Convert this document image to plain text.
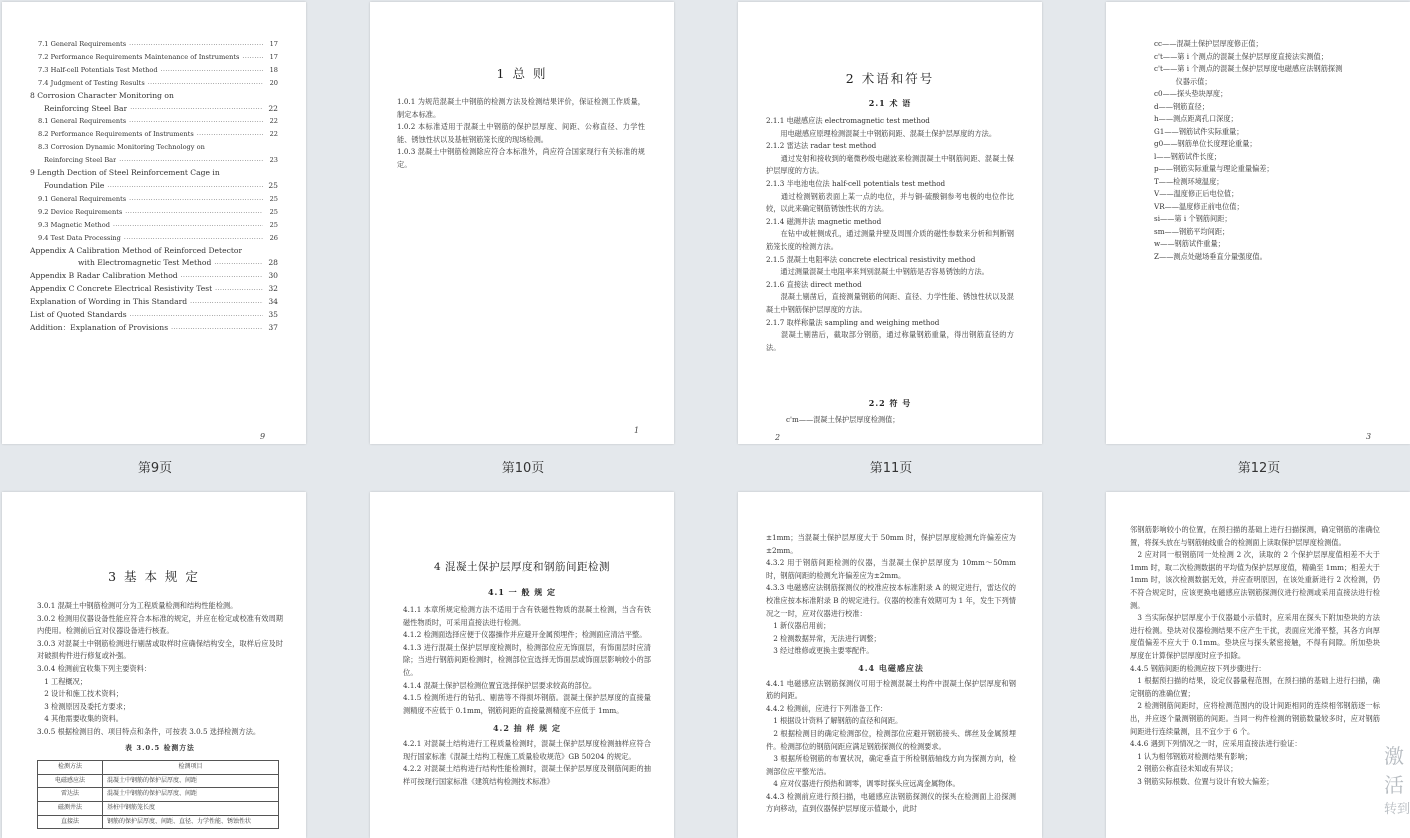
7.1 General Requirements ·····	17
7.2 Performance Requirements Maintenance of Instruments ·····	17
7.3 Half-cell Potentials Test Method ·····	18
7.4 Judgment of Testing Results ·····	20
8 Corrosion Character Monitoring on
Reinforcing Steel Bar ·····	22
8.1 General Requirements ·····	22
8.2 Performance Requirements of Instruments ·····	22
8.3 Corrosion Dynamic Monitoring Technology on
Reinforcing Steel Bar ·····	23
9 Length Dection of Steel Reinforcement Cage in
Foundation Pile ·····	25
9.1 General Requirements ·····	25
9.2 Device Requirements ·····	25
9.3 Magnetic Method ·····	25
9.4 Test Data Processing ·····	26
Appendix A Calibration Method of Reinforced Detector
with Electromagnetic Test Method ·····	28
Appendix B Radar Calibration Method ·····	30
Appendix C Concrete Electrical Resistivity Test ·····	32
Explanation of Wording in This Standard ·····	34
List of Quoted Standards ·····	35
Addition：Explanation of Provisions ·····	37
9
第9页

1 总 则

1.0.1 为规范混凝土中钢筋的检测方法及检测结果评价，保证检测工作质量，制定本标准。

1.0.2 本标准适用于混凝土中钢筋的保护层厚度、间距、公称直径、力学性能、锈蚀性状以及基桩钢筋笼长度的现场检测。

1.0.3 混凝土中钢筋检测除应符合本标准外，尚应符合国家现行有关标准的规定。

1
第10页

2 术语和符号

2.1 术 语

2.1.1 电磁感应法 electromagnetic test method

　　用电磁感应原理检测混凝土中钢筋间距、混凝土保护层厚度的方法。

2.1.2 雷达法 radar test method

　　通过发射和接收到的毫微秒级电磁波来检测混凝土中钢筋间距、混凝土保护层厚度的方法。

2.1.3 半电池电位法 half-cell potentials test method

　　通过检测钢筋表面上某一点的电位，并与铜-硫酸铜参考电极的电位作比较，以此来确定钢筋锈蚀性状的方法。

2.1.4 磁测井法 magnetic method

　　在钻中或桩侧成孔，通过测量井壁及周围介质的磁性参数来分析和判断钢筋笼长度的检测方法。

2.1.5 混凝土电阻率法 concrete electrical resistivity method

　　通过测量混凝土电阻率来判别混凝土中钢筋是否容易锈蚀的方法。

2.1.6 直接法 direct method

　　混凝土剔凿后，直接测量钢筋的间距、直径、力学性能、锈蚀性状以及混凝土中钢筋保护层厚度的方法。

2.1.7 取样称量法 sampling and weighing method

　　混凝土剔凿后，截取部分钢筋，通过称量钢筋重量，得出钢筋直径的方法。

2.2 符 号

c'm——混凝土保护层厚度检测值；
2
第11页

cc——混凝土保护层厚度修正值；

c't——第 i 个测点的混凝土保护层厚度直接法实测值；

c't——第 i 个测点的混凝土保护层厚度电磁感应法钢筋探测

　　　仪器示值；

c0——探头垫块厚度；

d——钢筋直径；

h——测点距离孔口深度；

G1——钢筋试件实际重量；

g0——钢筋单位长度理论重量；

l——钢筋试件长度；

p——钢筋实际重量与理论重量偏差；

T——检测环境温度；

V——温度修正后电位值；

VR——温度修正前电位值；

si——第 i 个钢筋间距；

sm——钢筋平均间距；

w——钢筋试件重量；

Z——测点处磁场垂直分量强度值。

3
第12页

3 基 本 规 定

3.0.1 混凝土中钢筋检测可分为工程质量检测和结构性能检测。

3.0.2 检测用仪器设备性能应符合本标准的规定，并应在检定或校准有效周期内使用。检测前后宜对仪器设备进行核查。

3.0.3 对混凝土中钢筋检测进行剔凿或取样时应确保结构安全，取样后应及时对破损构件进行修复或补强。

3.0.4 检测前宜收集下列主要资料：

　1 工程概况；

　2 设计和施工技术资料；

　3 检测原因及委托方要求；

　4 其他需要收集的资料。

3.0.5 根据检测目的、项目特点和条件，可按表 3.0.5 选择检测方法。

表 3.0.5 检测方法

检测方法	检测项目
电磁感应法	混凝土中钢筋的保护层厚度、间距
雷达法	混凝土中钢筋的保护层厚度、间距
磁测井法	基桩中钢筋笼长度
直接法	钢筋的保护层厚度、间距、直径、力学性能、锈蚀性状

4 混凝土保护层厚度和钢筋间距检测

4.1 一 般 规 定

4.1.1 本章所规定检测方法不适用于含有铁磁性物质的混凝土检测，当含有铁磁性物质时，可采用直接法进行检测。

4.1.2 检测面选择应便于仪器操作并应避开金属预埋件；检测面应清洁平整。

4.1.3 进行混凝土保护层厚度检测时，检测部位应无饰面层，有饰面层时应清除；当进行钢筋间距检测时，检测部位宜选择无饰面层或饰面层影响较小的部位。

4.1.4 混凝土保护层检测位置宜选择保护层要求较高的部位。

4.1.5 检测所进行的钻孔、剔凿等不得损坏钢筋。混凝土保护层厚度的直接量测精度不应低于 0.1mm，钢筋间距的直接量测精度不应低于 1mm。

4.2 抽 样 规 定

4.2.1 对混凝土结构进行工程质量检测时，混凝土保护层厚度检测抽样应符合现行国家标准《混凝土结构工程施工质量验收规范》GB 50204 的规定。

4.2.2 对混凝土结构进行结构性能检测时，混凝土保护层厚度及钢筋间距的抽样可按现行国家标准《建筑结构检测技术标准》

±1mm；当混凝土保护层厚度大于 50mm 时，保护层厚度检测允许偏差应为±2mm。

4.3.2 用于钢筋间距检测的仪器，当混凝土保护层厚度为 10mm～50mm 时，钢筋间距的检测允许偏差应为±2mm。

4.3.3 电磁感应法钢筋探测仪的校准应按本标准附录 A 的规定进行，雷达仪的校准应按本标准附录 B 的规定进行。仪器的校准有效期可为 1 年，发生下列情况之一时，应对仪器进行校准：

　1 新仪器启用前；

　2 检测数据异常，无法进行调整；

　3 经过维修或更换主要零配件。

4.4 电磁感应法

4.4.1 电磁感应法钢筋探测仪可用于检测混凝土构件中混凝土保护层厚度和钢筋的间距。

4.4.2 检测前，应进行下列准备工作：

　1 根据设计资料了解钢筋的直径和间距。

　2 根据检测目的确定检测部位，检测部位应避开钢筋接头、绑丝及金属预埋件。检测部位的钢筋间距应满足钢筋探测仪的检测要求。

　3 根据所检钢筋的布置状况，确定垂直于所检钢筋轴线方向为探测方向，检测部位应平整光洁。

　4 应对仪器进行预热和调零，调零时探头应远离金属物体。

4.4.3 检测前应进行预扫描，电磁感应法钢筋探测仪的探头在检测面上沿探测方向移动，直到仪器保护层厚度示值最小，此时

邻钢筋影响较小的位置，在预扫描的基础上进行扫描探测，确定钢筋的准确位置，将探头放在与钢筋轴线重合的检测面上读取保护层厚度检测值。

　2 应对同一根钢筋同一处检测 2 次，读取的 2 个保护层厚度值相差不大于 1mm 时，取二次检测数据的平均值为保护层厚度值，精确至 1mm；相差大于 1mm 时，该次检测数据无效，并应查明原因，在该处重新进行 2 次检测，仍不符合规定时，应该更换电磁感应法钢筋探测仪进行检测或采用直接法进行检测。

　3 当实际保护层厚度小于仪器最小示值时，应采用在探头下附加垫块的方法进行检测。垫块对仪器检测结果不应产生干扰，表面应光滑平整，其各方向厚度值偏差不应大于 0.1mm。垫块应与探头紧密接触，不得有间隙。所加垫块厚度在计算保护层厚度时应予扣除。

4.4.5 钢筋间距的检测应按下列步骤进行：

　1 根据预扫描的结果，设定仪器量程范围，在预扫描的基础上进行扫描，确定钢筋的准确位置；

　2 检测钢筋间距时，应将检测范围内的设计间距相同的连续相邻钢筋逐一标出，并应逐个量测钢筋的间距。当同一构件检测的钢筋数量较多时，应对钢筋间距进行连续量测，且不宜少于 6 个。

4.4.6 遇到下列情况之一时，应采用直接法进行验证：

　1 认为相邻钢筋对检测结果有影响；

　2 钢筋公称直径未知或有异议；

　3 钢筋实际根数、位置与设计有较大偏差；

激活
转到
